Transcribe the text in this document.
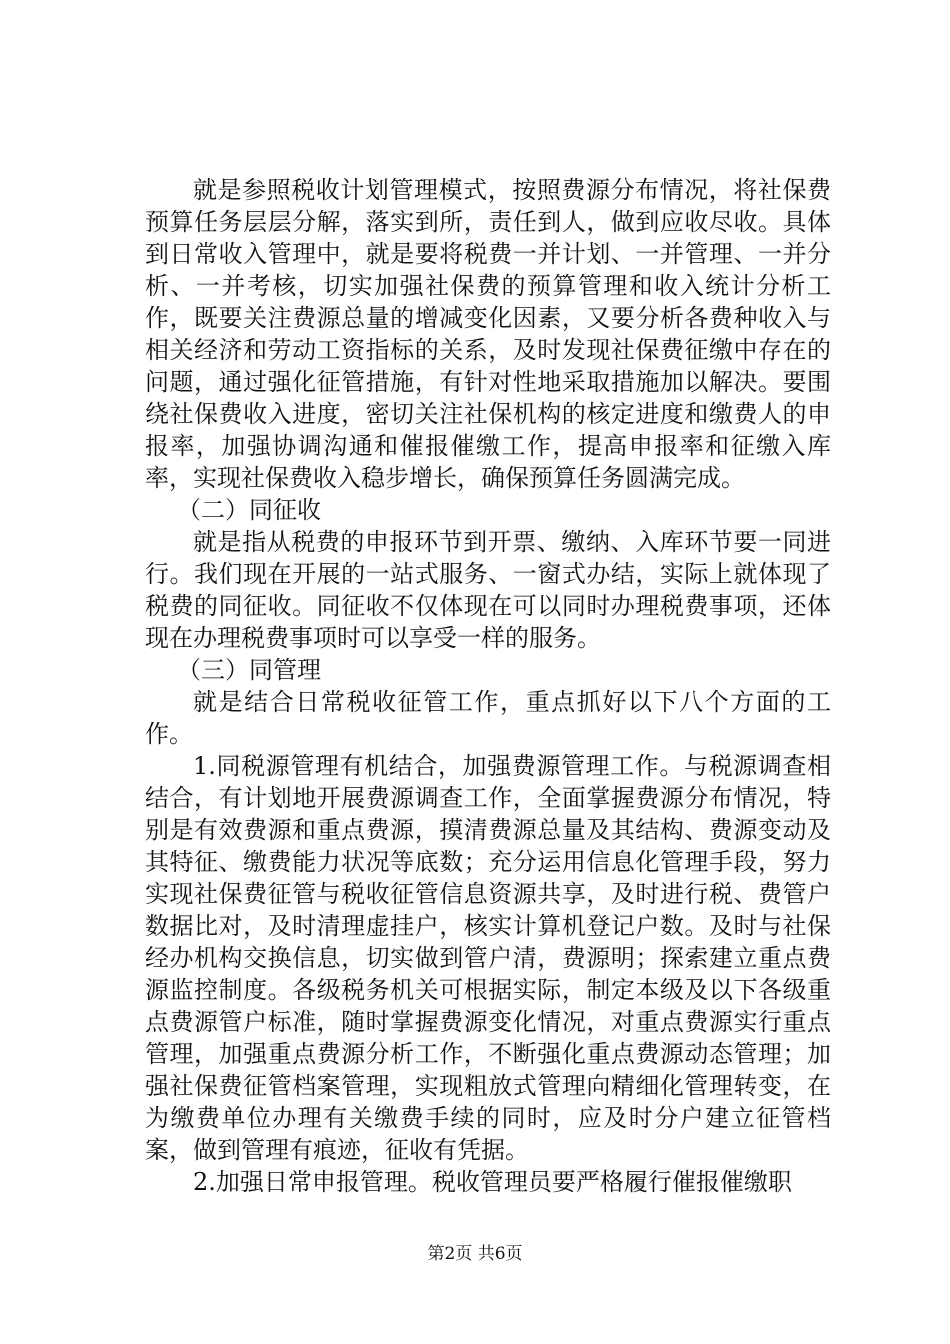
就是参照税收计划管理模式，按照费源分布情况，将社保费预算任务层层分解，落实到所，责任到人，做到应收尽收。具体到日常收入管理中，就是要将税费一并计划、一并管理、一并分析、一并考核，切实加强社保费的预算管理和收入统计分析工作，既要关注费源总量的增减变化因素，又要分析各费种收入与相关经济和劳动工资指标的关系，及时发现社保费征缴中存在的问题，通过强化征管措施，有针对性地采取措施加以解决。要围绕社保费收入进度，密切关注社保机构的核定进度和缴费人的申报率，加强协调沟通和催报催缴工作，提高申报率和征缴入库率，实现社保费收入稳步增长，确保预算任务圆满完成。

（二）同征收

就是指从税费的申报环节到开票、缴纳、入库环节要一同进行。我们现在开展的一站式服务、一窗式办结，实际上就体现了税费的同征收。同征收不仅体现在可以同时办理税费事项，还体现在办理税费事项时可以享受一样的服务。

（三）同管理

就是结合日常税收征管工作，重点抓好以下八个方面的工作。

1.同税源管理有机结合，加强费源管理工作。与税源调查相结合，有计划地开展费源调查工作，全面掌握费源分布情况，特别是有效费源和重点费源，摸清费源总量及其结构、费源变动及其特征、缴费能力状况等底数；充分运用信息化管理手段，努力实现社保费征管与税收征管信息资源共享，及时进行税、费管户数据比对，及时清理虚挂户，核实计算机登记户数。及时与社保经办机构交换信息，切实做到管户清，费源明；探索建立重点费源监控制度。各级税务机关可根据实际，制定本级及以下各级重点费源管户标准，随时掌握费源变化情况，对重点费源实行重点管理，加强重点费源分析工作，不断强化重点费源动态管理；加强社保费征管档案管理，实现粗放式管理向精细化管理转变，在为缴费单位办理有关缴费手续的同时，应及时分户建立征管档案，做到管理有痕迹，征收有凭据。

2.加强日常申报管理。税收管理员要严格履行催报催缴职

第2页 共6页
